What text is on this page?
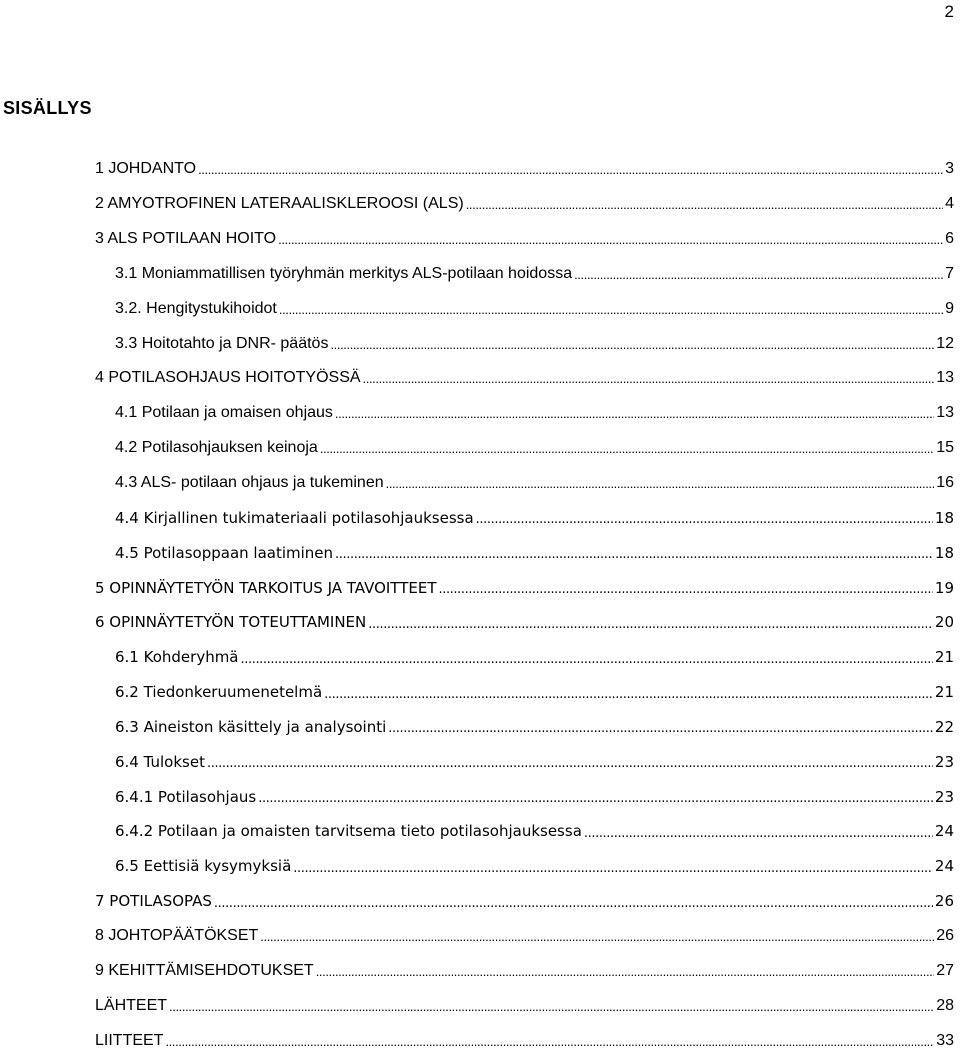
2
SISÄLLYS
1 JOHDANTO .....	3
2 AMYOTROFINEN LATERAALISKLEROOSI (ALS) .....	4
3 ALS POTILAAN HOITO .....	6
3.1 Moniammatillisen työryhmän merkitys ALS-potilaan hoidossa .....	7
3.2. Hengitystukihoidot .....	9
3.3 Hoitotahto ja DNR- päätös .....	12
4 POTILASOHJAUS HOITOTYÖSSÄ .....	13
4.1 Potilaan ja omaisen ohjaus .....	13
4.2 Potilasohjauksen keinoja .....	15
4.3 ALS- potilaan ohjaus ja tukeminen .....	16
4.4 Kirjallinen tukimateriaali potilasohjauksessa .....	18
4.5 Potilasoppaan laatiminen .....	18
5 OPINNÄYTETYÖN TARKOITUS JA TAVOITTEET .....	19
6 OPINNÄYTETYÖN TOTEUTTAMINEN .....	20
6.1 Kohderyhmä .....	21
6.2 Tiedonkeruumenetelmä .....	21
6.3 Aineiston käsittely ja analysointi .....	22
6.4 Tulokset .....	23
6.4.1 Potilasohjaus .....	23
6.4.2 Potilaan ja omaisten tarvitsema tieto potilasohjauksessa .....	24
6.5 Eettisiä kysymyksiä .....	24
7 POTILASOPAS .....	26
8 JOHTOPÄÄTÖKSET .....	26
9 KEHITTÄMISEHDOTUKSET .....	27
LÄHTEET .....	28
LIITTEET .....	33
